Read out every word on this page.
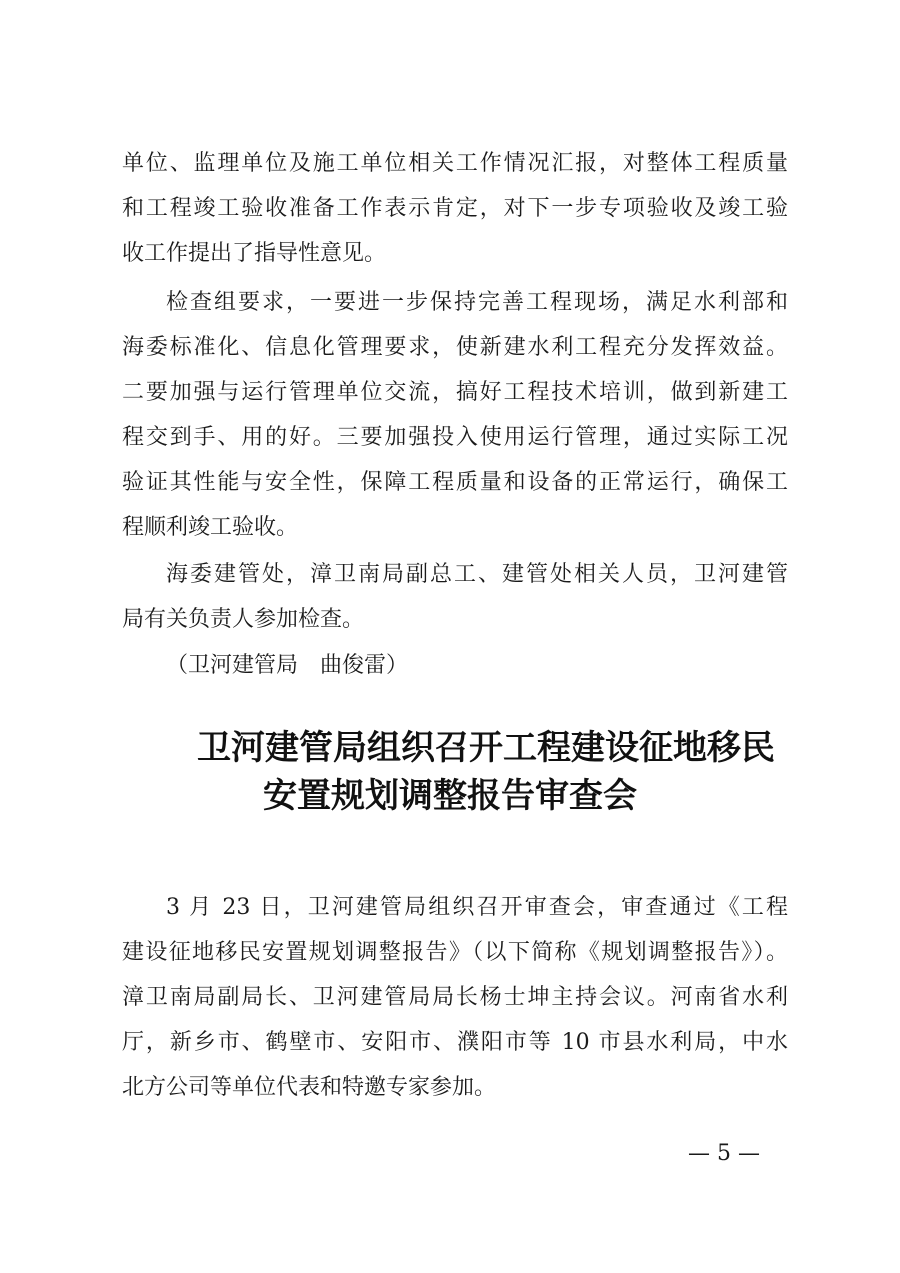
单位、监理单位及施工单位相关工作情况汇报，对整体工程质量
和工程竣工验收准备工作表示肯定，对下一步专项验收及竣工验
收工作提出了指导性意见。
检查组要求，一要进一步保持完善工程现场，满足水利部和
海委标准化、信息化管理要求，使新建水利工程充分发挥效益。
二要加强与运行管理单位交流，搞好工程技术培训，做到新建工
程交到手、用的好。三要加强投入使用运行管理，通过实际工况
验证其性能与安全性，保障工程质量和设备的正常运行，确保工
程顺利竣工验收。
海委建管处，漳卫南局副总工、建管处相关人员，卫河建管
局有关负责人参加检查。
（卫河建管局　曲俊雷）
卫河建管局组织召开工程建设征地移民
安置规划调整报告审查会
3 月 23 日，卫河建管局组织召开审查会，审查通过《工程
建设征地移民安置规划调整报告》（以下简称《规划调整报告》）。
漳卫南局副局长、卫河建管局局长杨士坤主持会议。河南省水利
厅，新乡市、鹤壁市、安阳市、濮阳市等 10 市县水利局，中水
北方公司等单位代表和特邀专家参加。
— 5 —
